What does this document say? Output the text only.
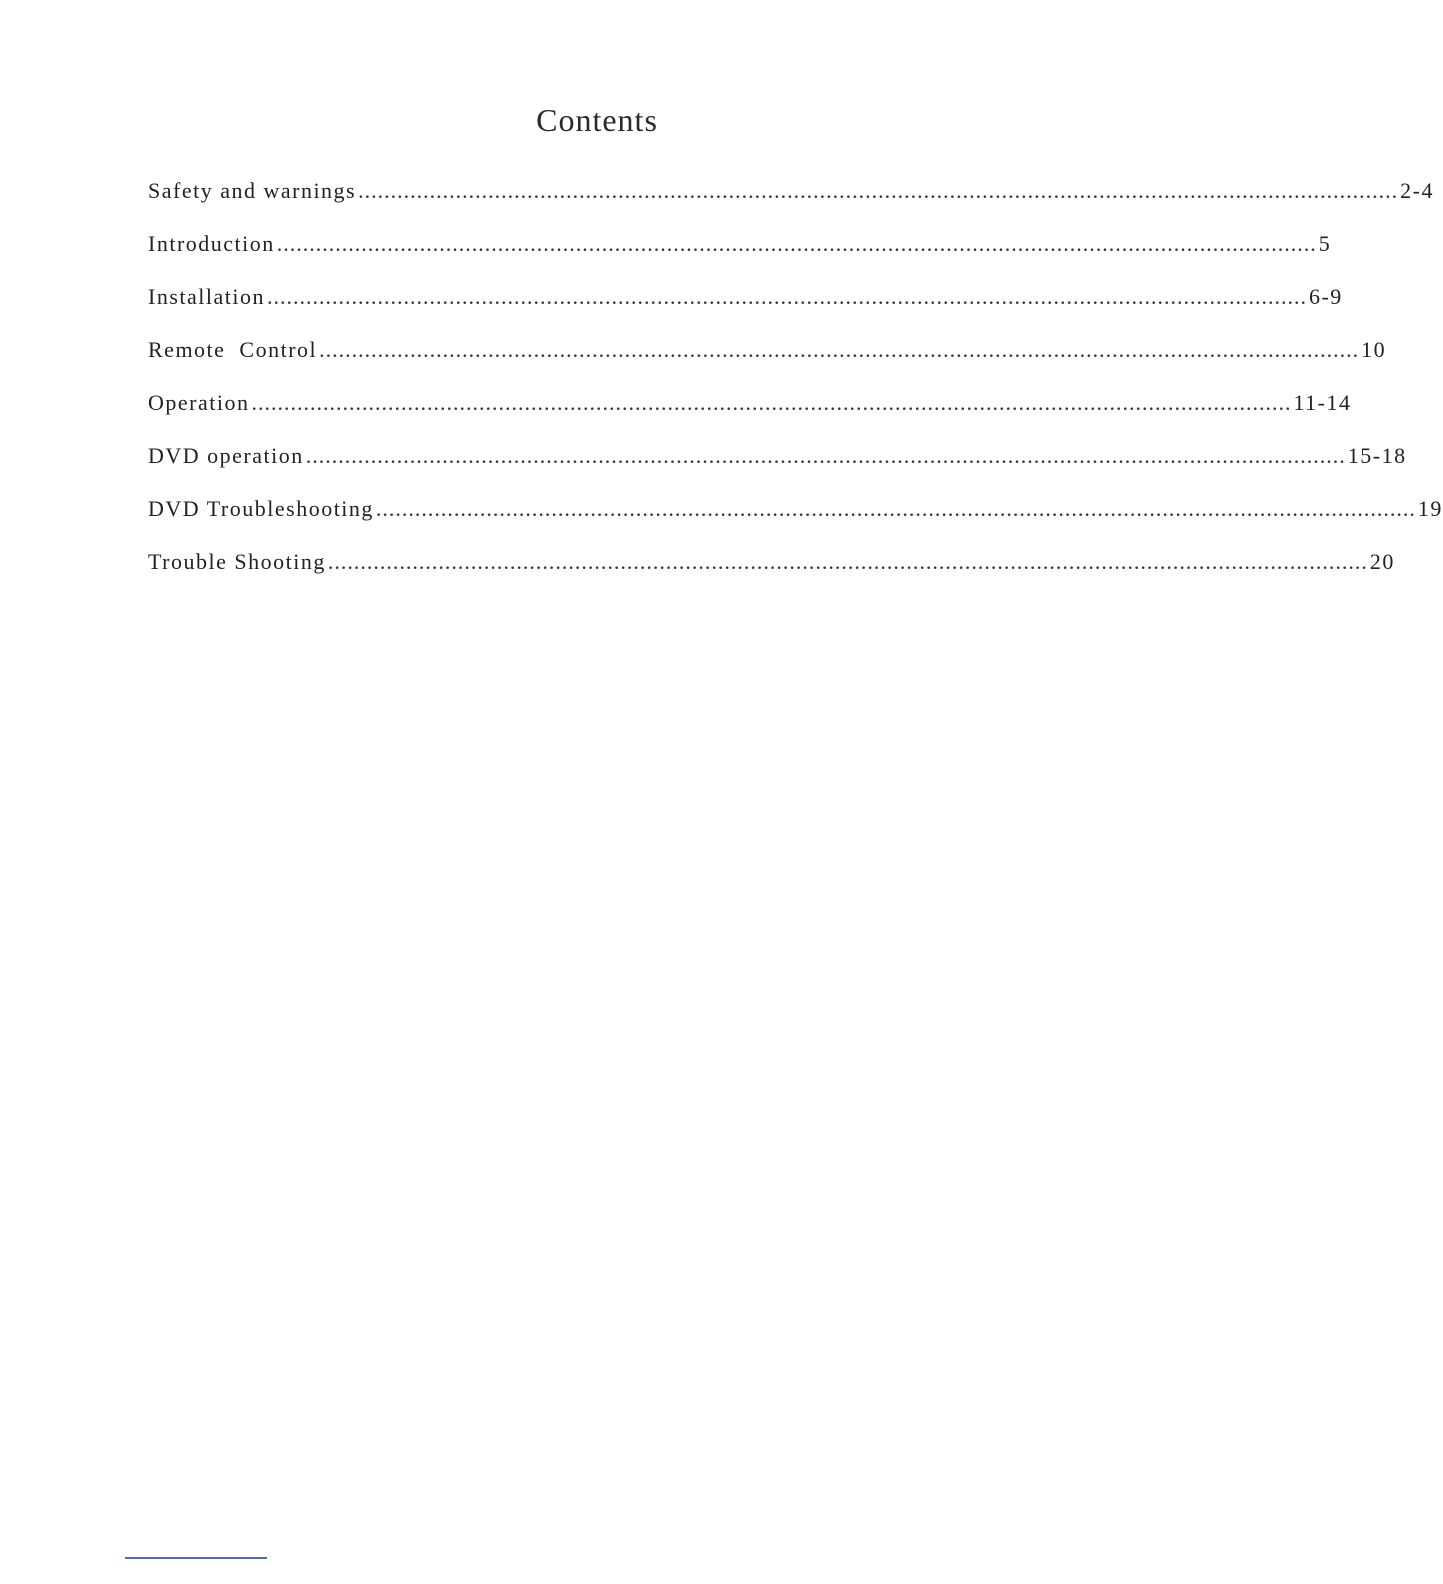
Contents
Safety and warnings ................................................................................................................................................................ 2-4
Introduction ................................................................................................................................................................ 5
Installation ................................................................................................................................................................ 6-9
Remote  Control ................................................................................................................................................................ 10
Operation ................................................................................................................................................................ 11-14
DVD operation ................................................................................................................................................................ 15-18
DVD Troubleshooting ................................................................................................................................................................ 19
Trouble Shooting ................................................................................................................................................................ 20
